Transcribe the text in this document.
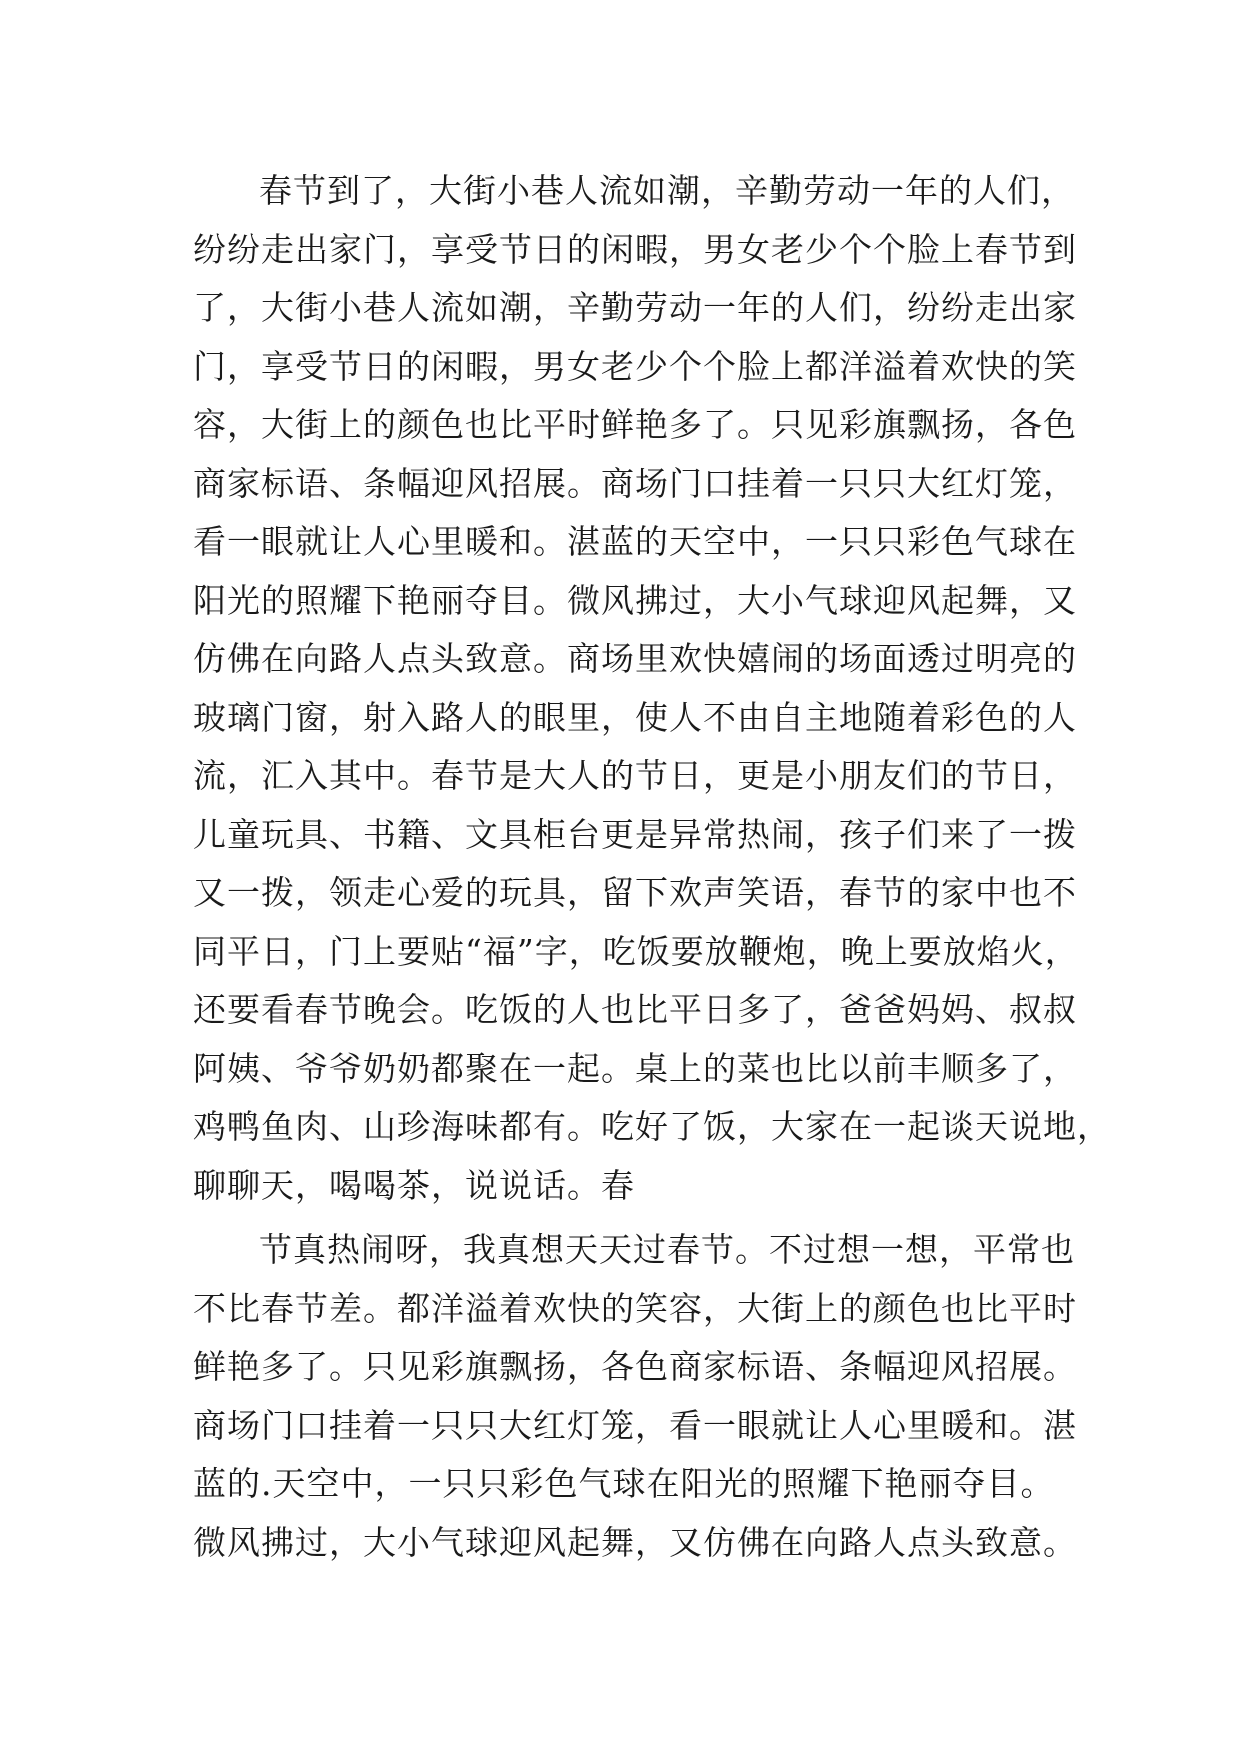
春节到了，大街小巷人流如潮，辛勤劳动一年的人们，
纷纷走出家门，享受节日的闲暇，男女老少个个脸上春节到
了，大街小巷人流如潮，辛勤劳动一年的人们，纷纷走出家
门，享受节日的闲暇，男女老少个个脸上都洋溢着欢快的笑
容，大街上的颜色也比平时鲜艳多了。只见彩旗飘扬，各色
商家标语、条幅迎风招展。商场门口挂着一只只大红灯笼，
看一眼就让人心里暖和。湛蓝的天空中，一只只彩色气球在
阳光的照耀下艳丽夺目。微风拂过，大小气球迎风起舞，又
仿佛在向路人点头致意。商场里欢快嬉闹的场面透过明亮的
玻璃门窗，射入路人的眼里，使人不由自主地随着彩色的人
流，汇入其中。春节是大人的节日，更是小朋友们的节日，
儿童玩具、书籍、文具柜台更是异常热闹，孩子们来了一拨
又一拨，领走心爱的玩具，留下欢声笑语，春节的家中也不
同平日，门上要贴“福”字，吃饭要放鞭炮，晚上要放焰火，
还要看春节晚会。吃饭的人也比平日多了，爸爸妈妈、叔叔
阿姨、爷爷奶奶都聚在一起。桌上的菜也比以前丰顺多了，
鸡鸭鱼肉、山珍海味都有。吃好了饭，大家在一起谈天说地，
聊聊天，喝喝茶，说说话。春
节真热闹呀，我真想天天过春节。不过想一想，平常也
不比春节差。都洋溢着欢快的笑容，大街上的颜色也比平时
鲜艳多了。只见彩旗飘扬，各色商家标语、条幅迎风招展。
商场门口挂着一只只大红灯笼，看一眼就让人心里暖和。湛
蓝的.天空中，一只只彩色气球在阳光的照耀下艳丽夺目。
微风拂过，大小气球迎风起舞，又仿佛在向路人点头致意。
